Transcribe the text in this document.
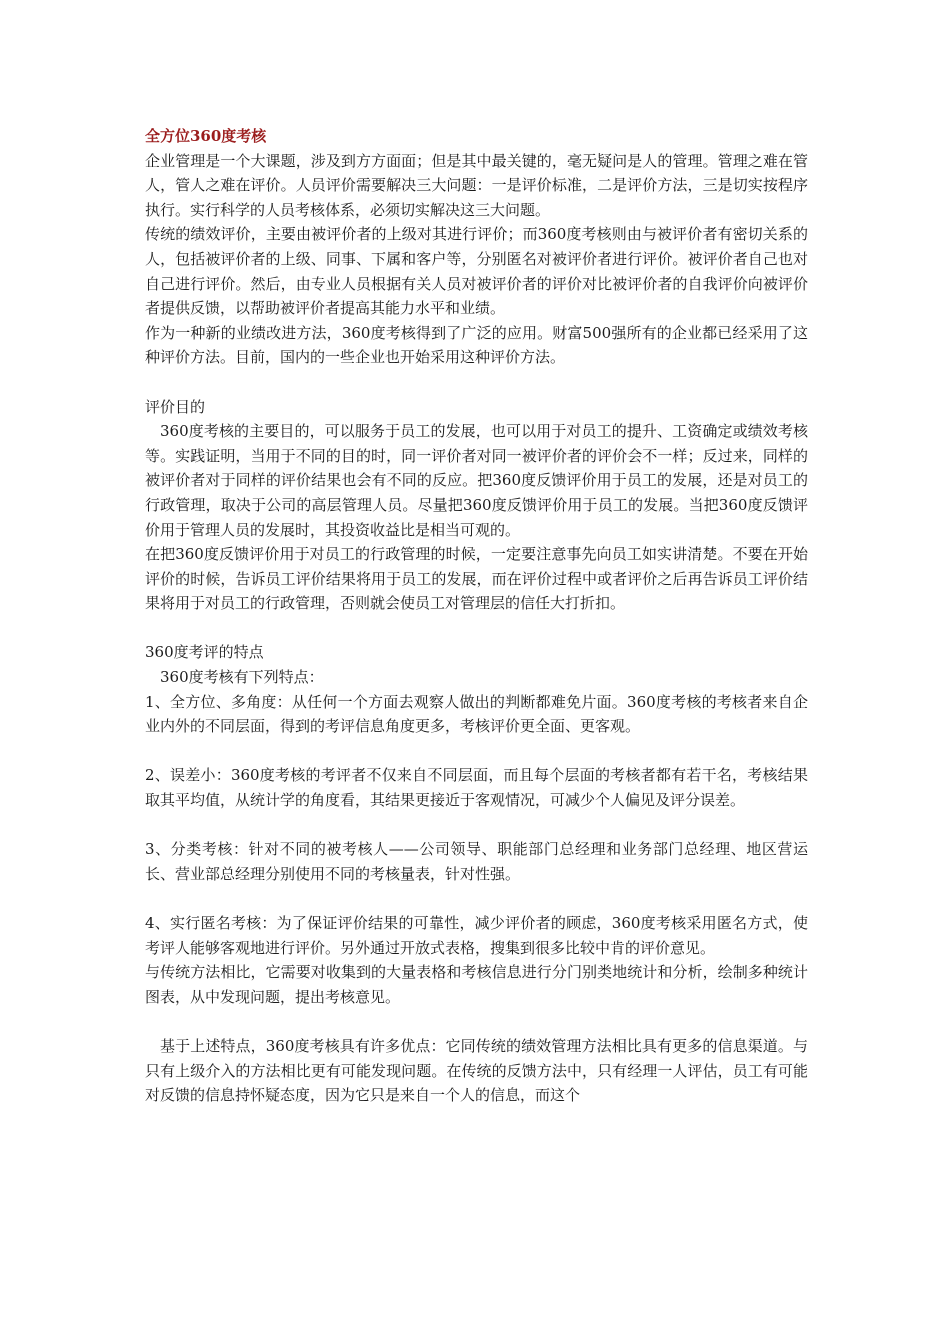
全方位360度考核

企业管理是一个大课题，涉及到方方面面；但是其中最关键的，毫无疑问是人的管理。管理之难在管人，管人之难在评价。人员评价需要解决三大问题：一是评价标准，二是评价方法，三是切实按程序执行。实行科学的人员考核体系，必须切实解决这三大问题。

传统的绩效评价，主要由被评价者的上级对其进行评价；而360度考核则由与被评价者有密切关系的人，包括被评价者的上级、同事、下属和客户等，分别匿名对被评价者进行评价。被评价者自己也对自己进行评价。然后，由专业人员根据有关人员对被评价者的评价对比被评价者的自我评价向被评价者提供反馈，以帮助被评价者提高其能力水平和业绩。

作为一种新的业绩改进方法，360度考核得到了广泛的应用。财富500强所有的企业都已经采用了这种评价方法。目前，国内的一些企业也开始采用这种评价方法。

评价目的

360度考核的主要目的，可以服务于员工的发展，也可以用于对员工的提升、工资确定或绩效考核等。实践证明，当用于不同的目的时，同一评价者对同一被评价者的评价会不一样；反过来，同样的被评价者对于同样的评价结果也会有不同的反应。把360度反馈评价用于员工的发展，还是对员工的行政管理，取决于公司的高层管理人员。尽量把360度反馈评价用于员工的发展。当把360度反馈评价用于管理人员的发展时，其投资收益比是相当可观的。

在把360度反馈评价用于对员工的行政管理的时候，一定要注意事先向员工如实讲清楚。不要在开始评价的时候，告诉员工评价结果将用于员工的发展，而在评价过程中或者评价之后再告诉员工评价结果将用于对员工的行政管理，否则就会使员工对管理层的信任大打折扣。

360度考评的特点

360度考核有下列特点：

1、全方位、多角度：从任何一个方面去观察人做出的判断都难免片面。360度考核的考核者来自企业内外的不同层面，得到的考评信息角度更多，考核评价更全面、更客观。

2、误差小：360度考核的考评者不仅来自不同层面，而且每个层面的考核者都有若干名，考核结果取其平均值，从统计学的角度看，其结果更接近于客观情况，可减少个人偏见及评分误差。

3、分类考核：针对不同的被考核人——公司领导、职能部门总经理和业务部门总经理、地区营运长、营业部总经理分别使用不同的考核量表，针对性强。

4、实行匿名考核：为了保证评价结果的可靠性，减少评价者的顾虑，360度考核采用匿名方式，使考评人能够客观地进行评价。另外通过开放式表格，搜集到很多比较中肯的评价意见。

与传统方法相比，它需要对收集到的大量表格和考核信息进行分门别类地统计和分析，绘制多种统计图表，从中发现问题，提出考核意见。

基于上述特点，360度考核具有许多优点：它同传统的绩效管理方法相比具有更多的信息渠道。与只有上级介入的方法相比更有可能发现问题。在传统的反馈方法中，只有经理一人评估，员工有可能对反馈的信息持怀疑态度，因为它只是来自一个人的信息，而这个
